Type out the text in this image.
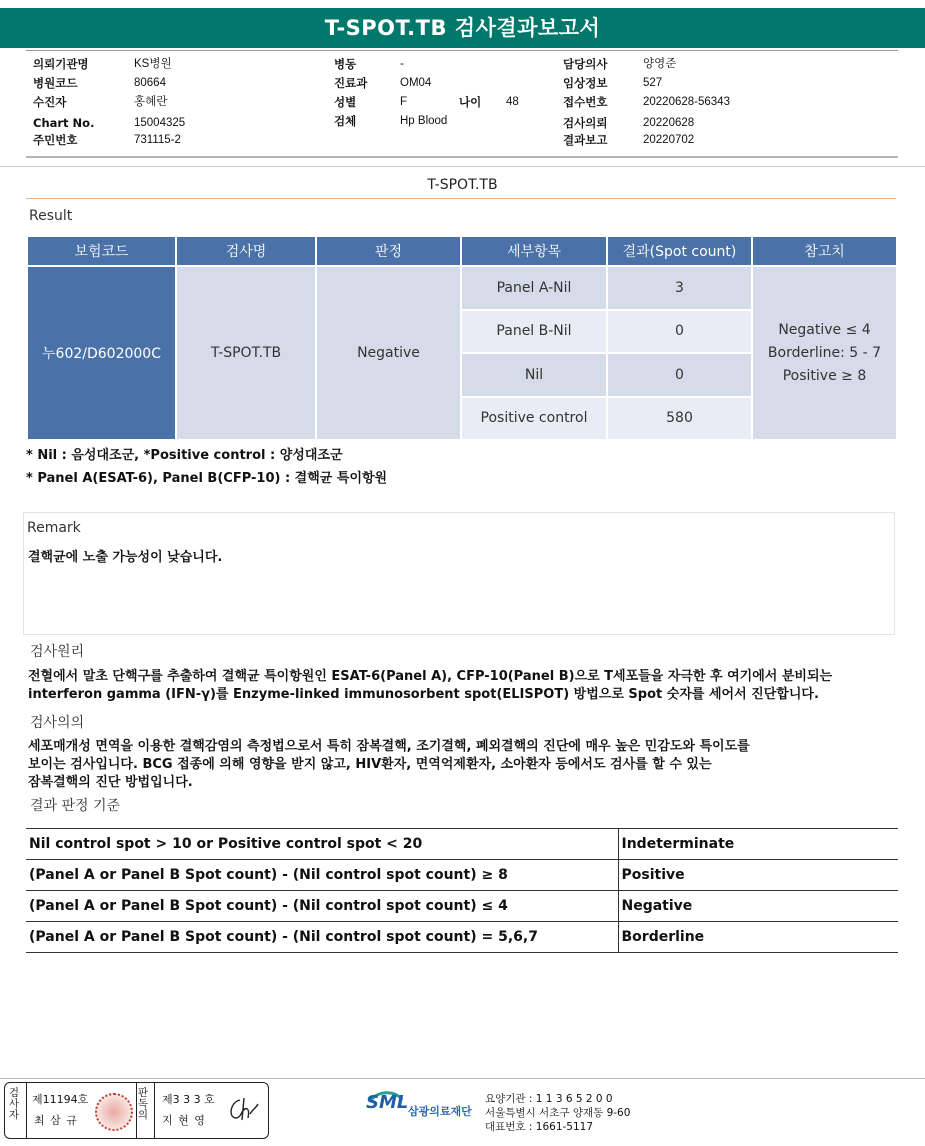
T-SPOT.TB 검사결과보고서
의뢰기관명	KS병원
병원코드	80664
수진자	홍혜란
Chart No.	15004325
주민번호	731115-2
병동	-
진료과	OM04
성별	F	나이 48
검체	Hp Blood
담당의사	양영준
임상정보	527
접수번호	20220628-56343
검사의뢰	20220628
결과보고	20220702
T-SPOT.TB
Result
보험코드	검사명	판정	세부항목	결과(Spot count)	참고치
누602/D602000C	T-SPOT.TB	Negative	Panel A-Nil	3	Negative ≤ 4
Borderline: 5 - 7
Positive ≥ 8

			Panel B-Nil	0	
			Nil	0	
			Positive control	580	
* Nil : 음성대조군, *Positive control : 양성대조군
* Panel A(ESAT-6), Panel B(CFP-10) : 결핵균 특이항원
Remark
결핵균에 노출 가능성이 낮습니다.
검사원리
전혈에서 말초 단핵구를 추출하여 결핵균 특이항원인 ESAT-6(Panel A), CFP-10(Panel B)으로 T세포들을 자극한 후 여기에서 분비되는
interferon gamma (IFN-γ)를 Enzyme-linked immunosorbent spot(ELISPOT) 방법으로 Spot 숫자를 세어서 진단합니다.
검사의의
세포매개성 면역을 이용한 결핵감염의 측정법으로서 특히 잠복결핵, 조기결핵, 폐외결핵의 진단에 매우 높은 민감도와 특이도를
보이는 검사입니다. BCG 접종에 의해 영향을 받지 않고, HIV환자, 면역억제환자, 소아환자 등에서도 검사를 할 수 있는
잠복결핵의 진단 방법입니다.
결과 판정 기준
Nil control spot > 10 or Positive control spot < 20	Indeterminate
(Panel A or Panel B Spot count) - (Nil control spot count) ≥ 8	Positive
(Panel A or Panel B Spot count) - (Nil control spot count) ≤ 4	Negative
(Panel A or Panel B Spot count) - (Nil control spot count) = 5,6,7	Borderline
검
사
자
제11194호
최 삼 규
판
독
의
제3 3 3 호
지 현 영
SML 삼광의료재단
요양기관 : 1 1 3 6 5 2 0 0
서울특별시 서초구 양재동 9-60
대표번호 : 1661-5117
